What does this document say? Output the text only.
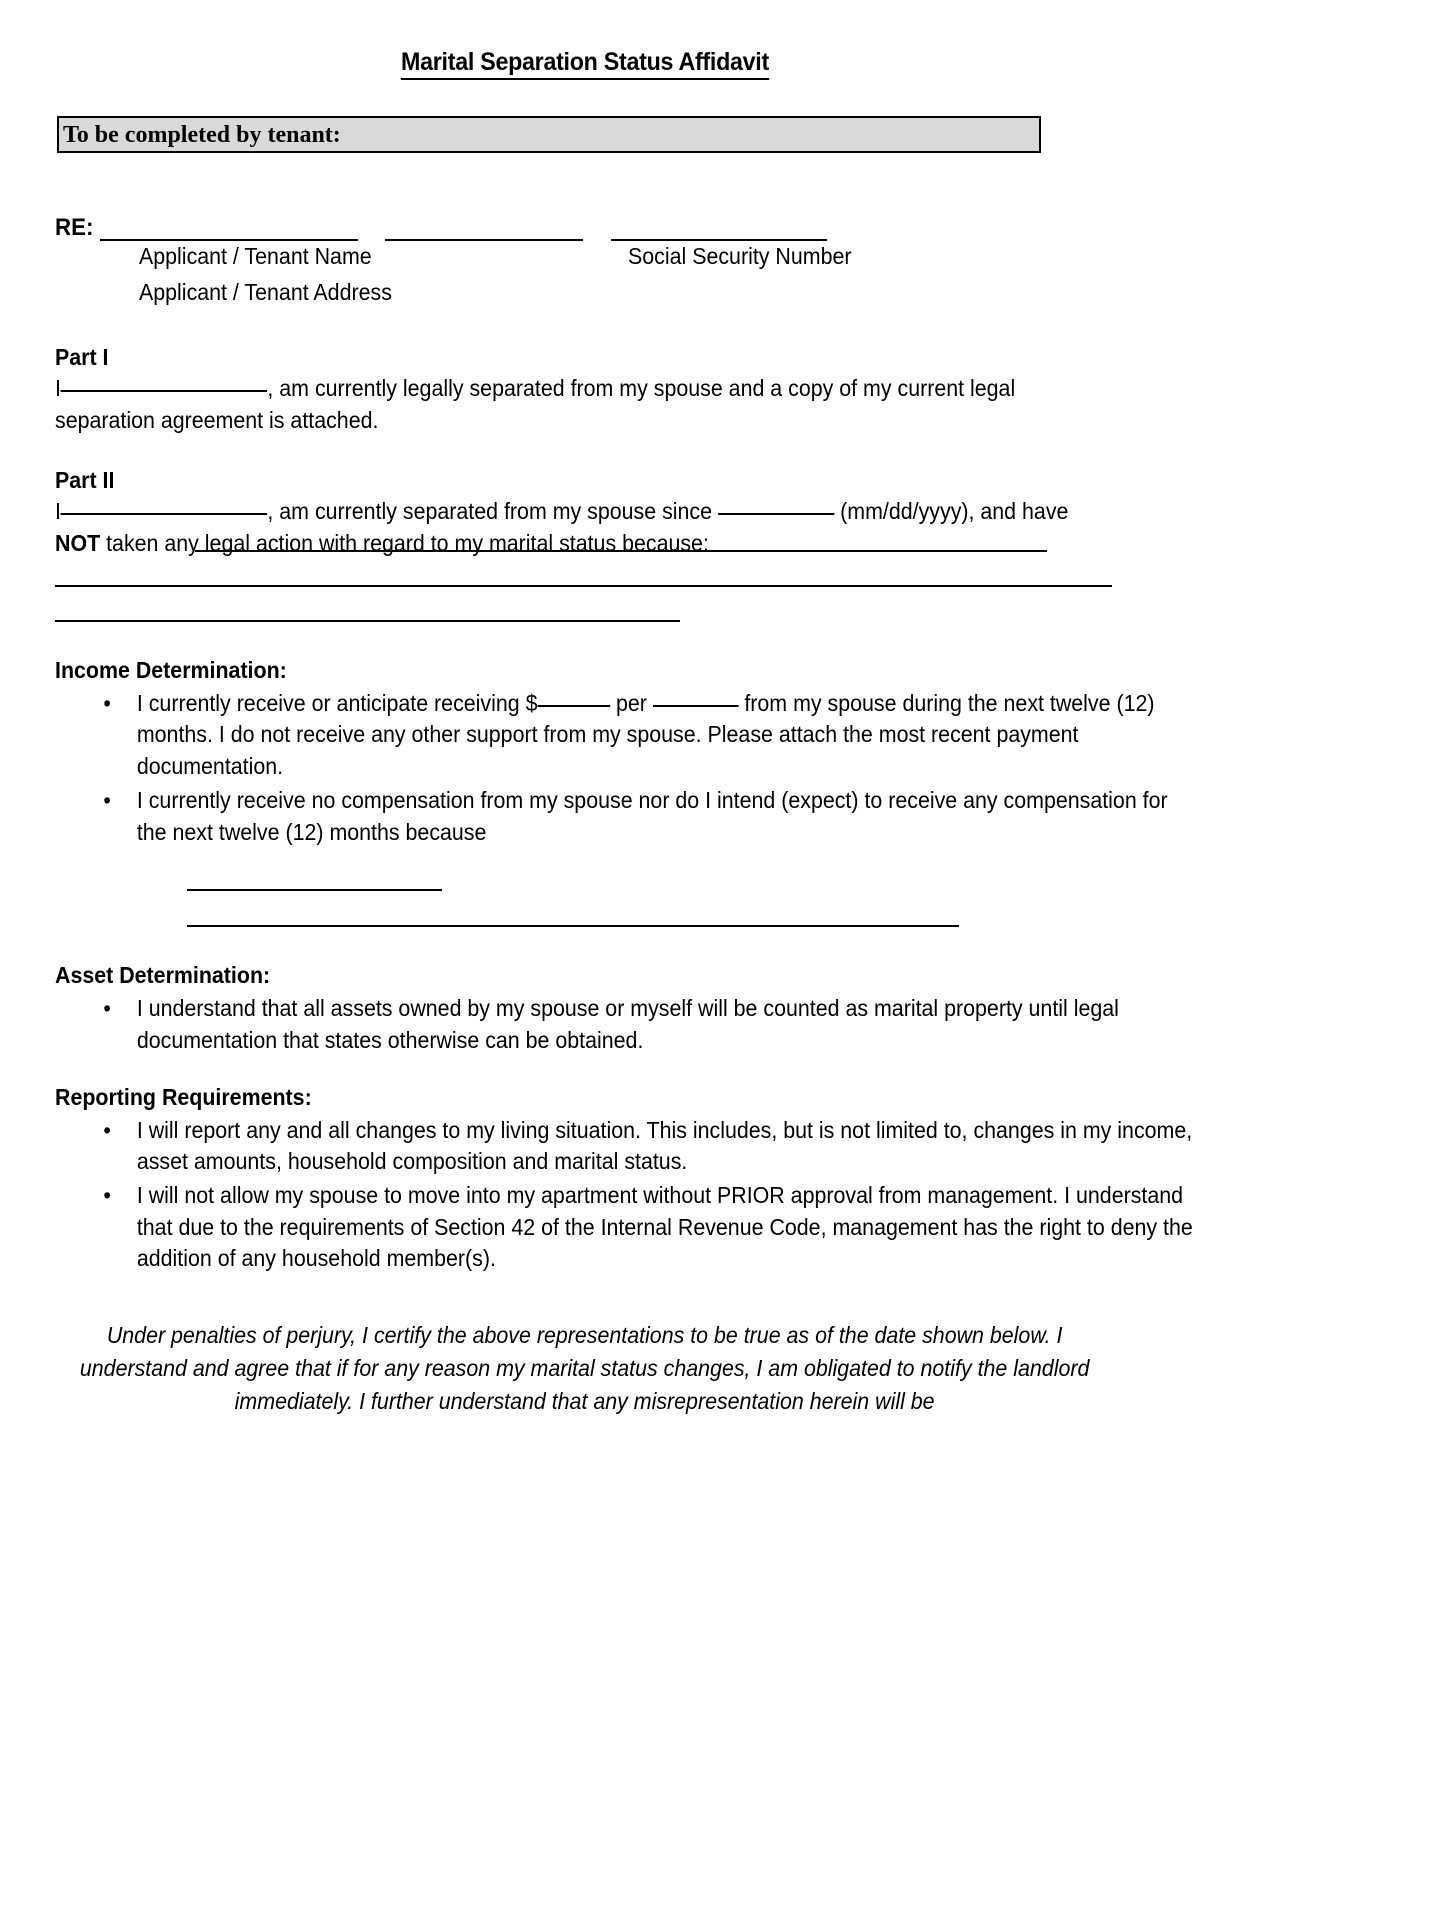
Marital Separation Status Affidavit
To be completed by tenant:
RE:
Applicant / Tenant Name	Social Security Number
Applicant / Tenant Address
Part I
I	, am currently legally separated from my spouse and a copy of my current legal separation agreement is attached.
Part II
I	, am currently separated from my spouse since	(mm/dd/yyyy), and have NOT taken any legal action with regard to my marital status because:
Income Determination:
• I currently receive or anticipate receiving $	per	from my spouse during the next twelve (12) months. I do not receive any other support from my spouse. Please attach the most recent payment documentation.
• I currently receive no compensation from my spouse nor do I intend (expect) to receive any compensation for the next twelve (12) months because
Asset Determination:
• I understand that all assets owned by my spouse or myself will be counted as marital property until legal documentation that states otherwise can be obtained.
Reporting Requirements:
• I will report any and all changes to my living situation. This includes, but is not limited to, changes in my income, asset amounts, household composition and marital status.
• I will not allow my spouse to move into my apartment without PRIOR approval from management. I understand that due to the requirements of Section 42 of the Internal Revenue Code, management has the right to deny the addition of any household member(s).
Under penalties of perjury, I certify the above representations to be true as of the date shown below. I understand and agree that if for any reason my marital status changes, I am obligated to notify the landlord immediately. I further understand that any misrepresentation herein will be
